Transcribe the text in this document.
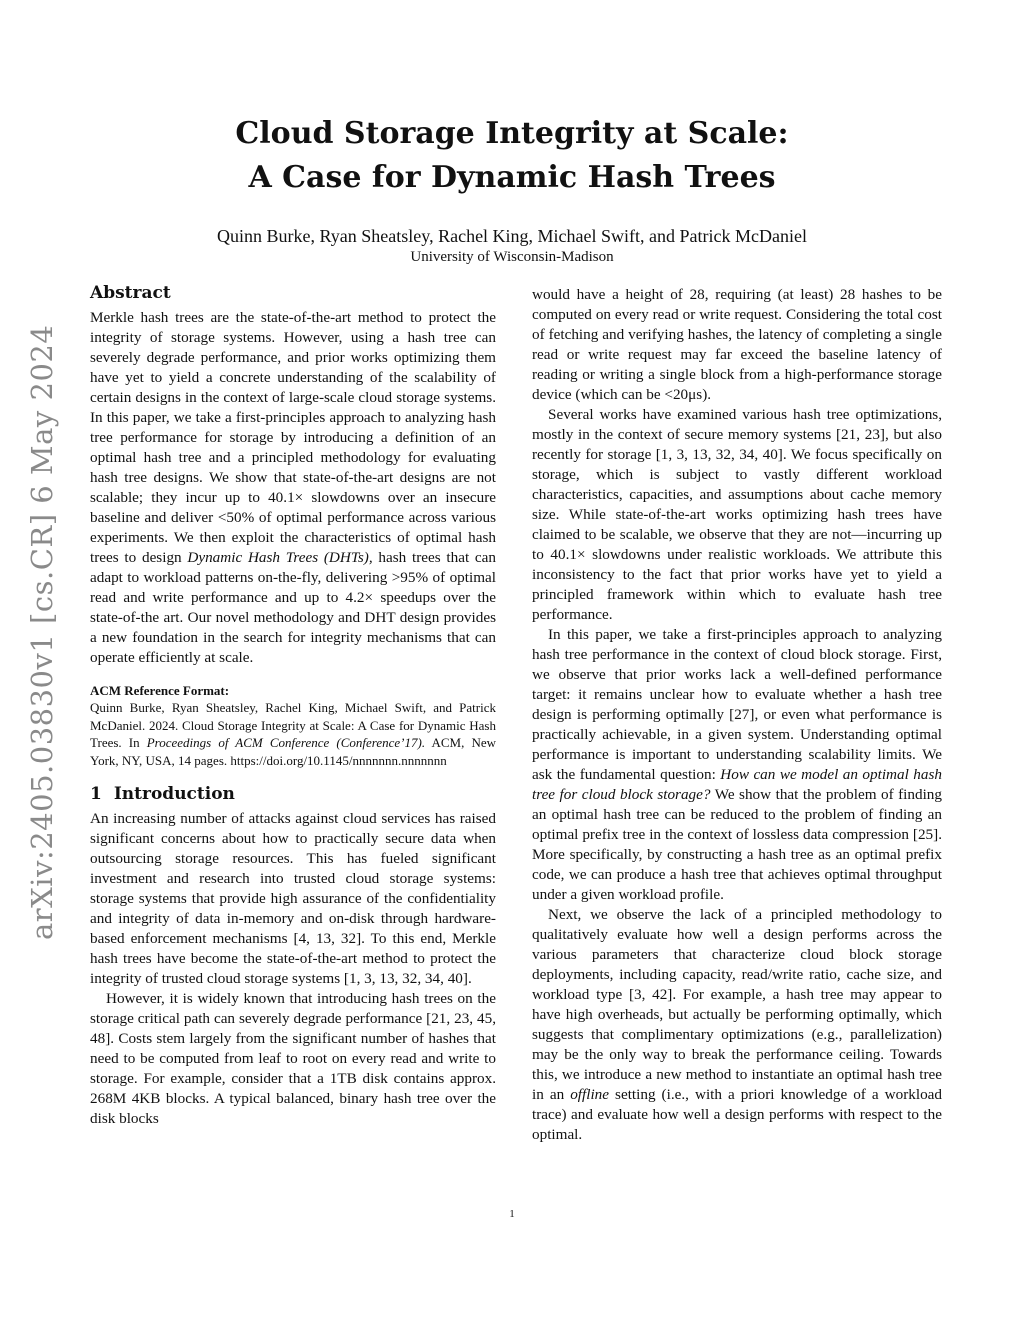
arXiv:2405.03830v1 [cs.CR] 6 May 2024
Cloud Storage Integrity at Scale:
A Case for Dynamic Hash Trees
Quinn Burke, Ryan Sheatsley, Rachel King, Michael Swift, and Patrick McDaniel
University of Wisconsin-Madison
Abstract

Merkle hash trees are the state-of-the-art method to protect the integrity of storage systems. However, using a hash tree can severely degrade performance, and prior works optimizing them have yet to yield a concrete understanding of the scalability of certain designs in the context of large-scale cloud storage systems. In this paper, we take a first-principles approach to analyzing hash tree performance for storage by introducing a definition of an optimal hash tree and a principled methodology for evaluating hash tree designs. We show that state-of-the-art designs are not scalable; they incur up to 40.1× slowdowns over an insecure baseline and deliver <50% of optimal performance across various experiments. We then exploit the characteristics of optimal hash trees to design Dynamic Hash Trees (DHTs), hash trees that can adapt to workload patterns on-the-fly, delivering >95% of optimal read and write performance and up to 4.2× speedups over the state-of-the art. Our novel methodology and DHT design provides a new foundation in the search for integrity mechanisms that can operate efficiently at scale.

ACM Reference Format:
Quinn Burke, Ryan Sheatsley, Rachel King, Michael Swift, and Patrick McDaniel. 2024. Cloud Storage Integrity at Scale: A Case for Dynamic Hash Trees. In Proceedings of ACM Conference (Conference’17). ACM, New York, NY, USA, 14 pages. https://doi.org/10.1145/nnnnnnn.nnnnnnn
1 Introduction

An increasing number of attacks against cloud services has raised significant concerns about how to practically secure data when outsourcing storage resources. This has fueled significant investment and research into trusted cloud storage systems: storage systems that provide high assurance of the confidentiality and integrity of data in-memory and on-disk through hardware-based enforcement mechanisms [4, 13, 32]. To this end, Merkle hash trees have become the state-of-the-art method to protect the integrity of trusted cloud storage systems [1, 3, 13, 32, 34, 40].

However, it is widely known that introducing hash trees on the storage critical path can severely degrade performance [21, 23, 45, 48]. Costs stem largely from the significant number of hashes that need to be computed from leaf to root on every read and write to storage. For example, consider that a 1TB disk contains approx. 268M 4KB blocks. A typical balanced, binary hash tree over the disk blocks

would have a height of 28, requiring (at least) 28 hashes to be computed on every read or write request. Considering the total cost of fetching and verifying hashes, the latency of completing a single read or write request may far exceed the baseline latency of reading or writing a single block from a high-performance storage device (which can be <20μs).

Several works have examined various hash tree optimizations, mostly in the context of secure memory systems [21, 23], but also recently for storage [1, 3, 13, 32, 34, 40]. We focus specifically on storage, which is subject to vastly different workload characteristics, capacities, and assumptions about cache memory size. While state-of-the-art works optimizing hash trees have claimed to be scalable, we observe that they are not—incurring up to 40.1× slowdowns under realistic workloads. We attribute this inconsistency to the fact that prior works have yet to yield a principled framework within which to evaluate hash tree performance.

In this paper, we take a first-principles approach to analyzing hash tree performance in the context of cloud block storage. First, we observe that prior works lack a well-defined performance target: it remains unclear how to evaluate whether a hash tree design is performing optimally [27], or even what performance is practically achievable, in a given system. Understanding optimal performance is important to understanding scalability limits. We ask the fundamental question: How can we model an optimal hash tree for cloud block storage? We show that the problem of finding an optimal hash tree can be reduced to the problem of finding an optimal prefix tree in the context of lossless data compression [25]. More specifically, by constructing a hash tree as an optimal prefix code, we can produce a hash tree that achieves optimal throughput under a given workload profile.

Next, we observe the lack of a principled methodology to qualitatively evaluate how well a design performs across the various parameters that characterize cloud block storage deployments, including capacity, read/write ratio, cache size, and workload type [3, 42]. For example, a hash tree may appear to have high overheads, but actually be performing optimally, which suggests that complimentary optimizations (e.g., parallelization) may be the only way to break the performance ceiling. Towards this, we introduce a new method to instantiate an optimal hash tree in an offline setting (i.e., with a priori knowledge of a workload trace) and evaluate how well a design performs with respect to the optimal.

1
